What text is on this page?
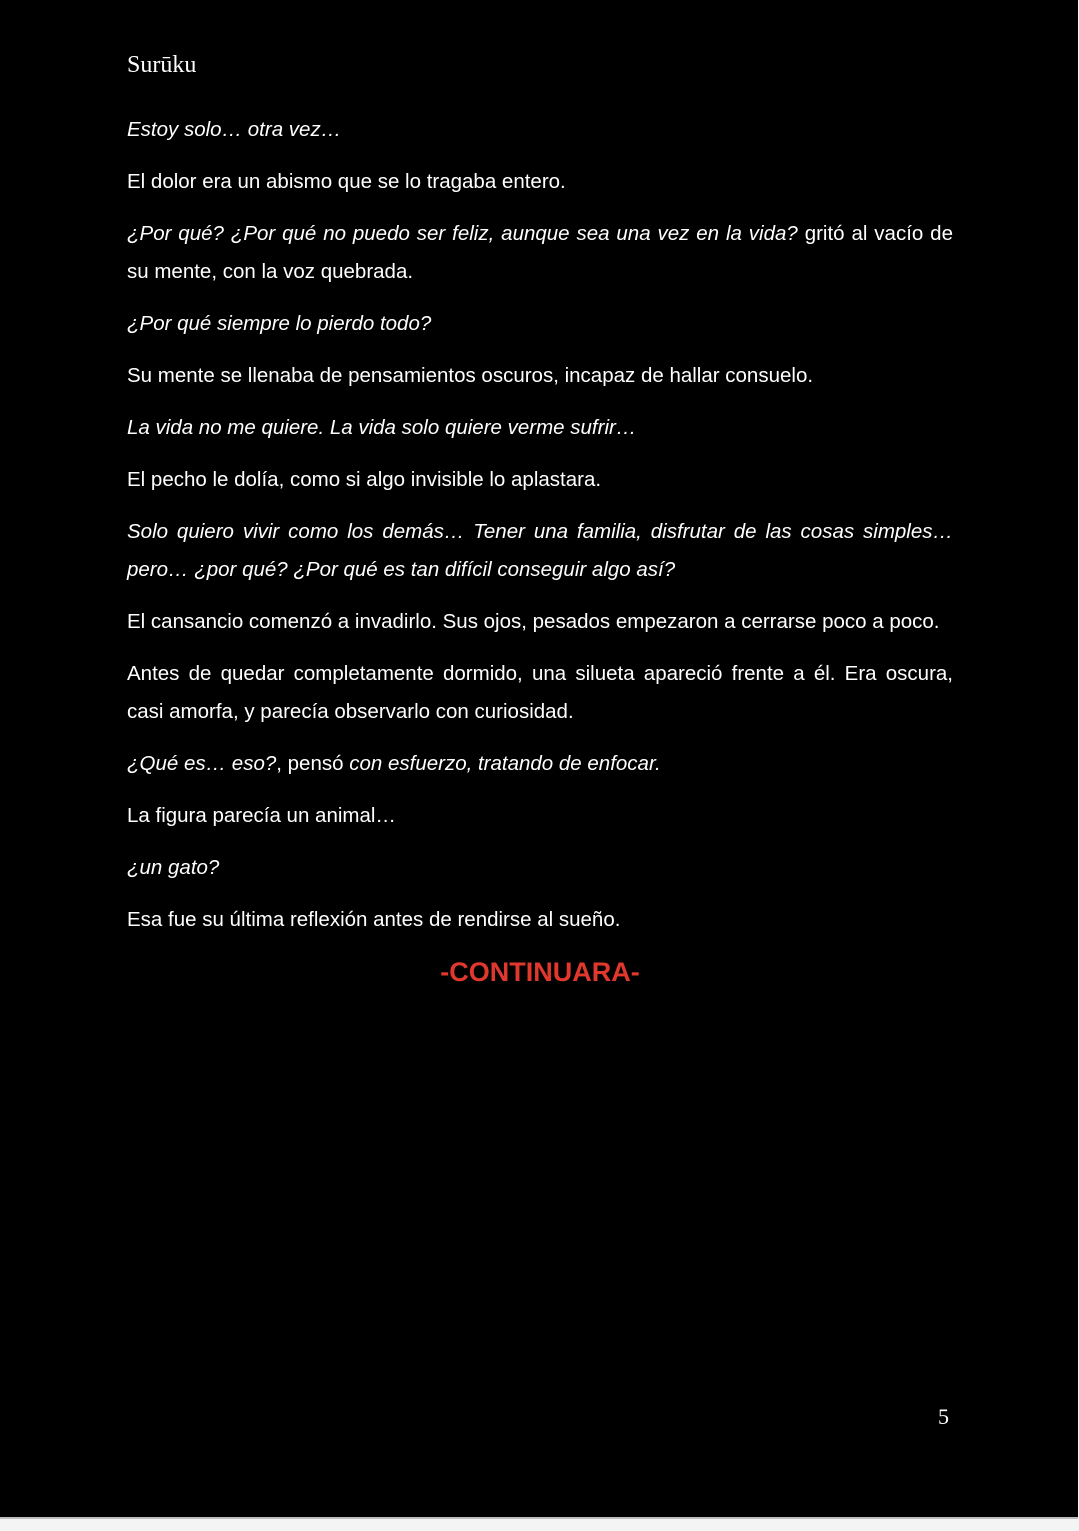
Surūku

Estoy solo… otra vez…

El dolor era un abismo que se lo tragaba entero.

¿Por qué? ¿Por qué no puedo ser feliz, aunque sea una vez en la vida? gritó al vacío de su mente, con la voz quebrada.

¿Por qué siempre lo pierdo todo?

Su mente se llenaba de pensamientos oscuros, incapaz de hallar consuelo.

La vida no me quiere. La vida solo quiere verme sufrir…

El pecho le dolía, como si algo invisible lo aplastara.

Solo quiero vivir como los demás… Tener una familia, disfrutar de las cosas simples… pero… ¿por qué? ¿Por qué es tan difícil conseguir algo así?

El cansancio comenzó a invadirlo. Sus ojos, pesados empezaron a cerrarse poco a poco.

Antes de quedar completamente dormido, una silueta apareció frente a él. Era oscura, casi amorfa, y parecía observarlo con curiosidad.

¿Qué es… eso?, pensó con esfuerzo, tratando de enfocar.

La figura parecía un animal…

¿un gato?

Esa fue su última reflexión antes de rendirse al sueño.

-CONTINUARA-

5
